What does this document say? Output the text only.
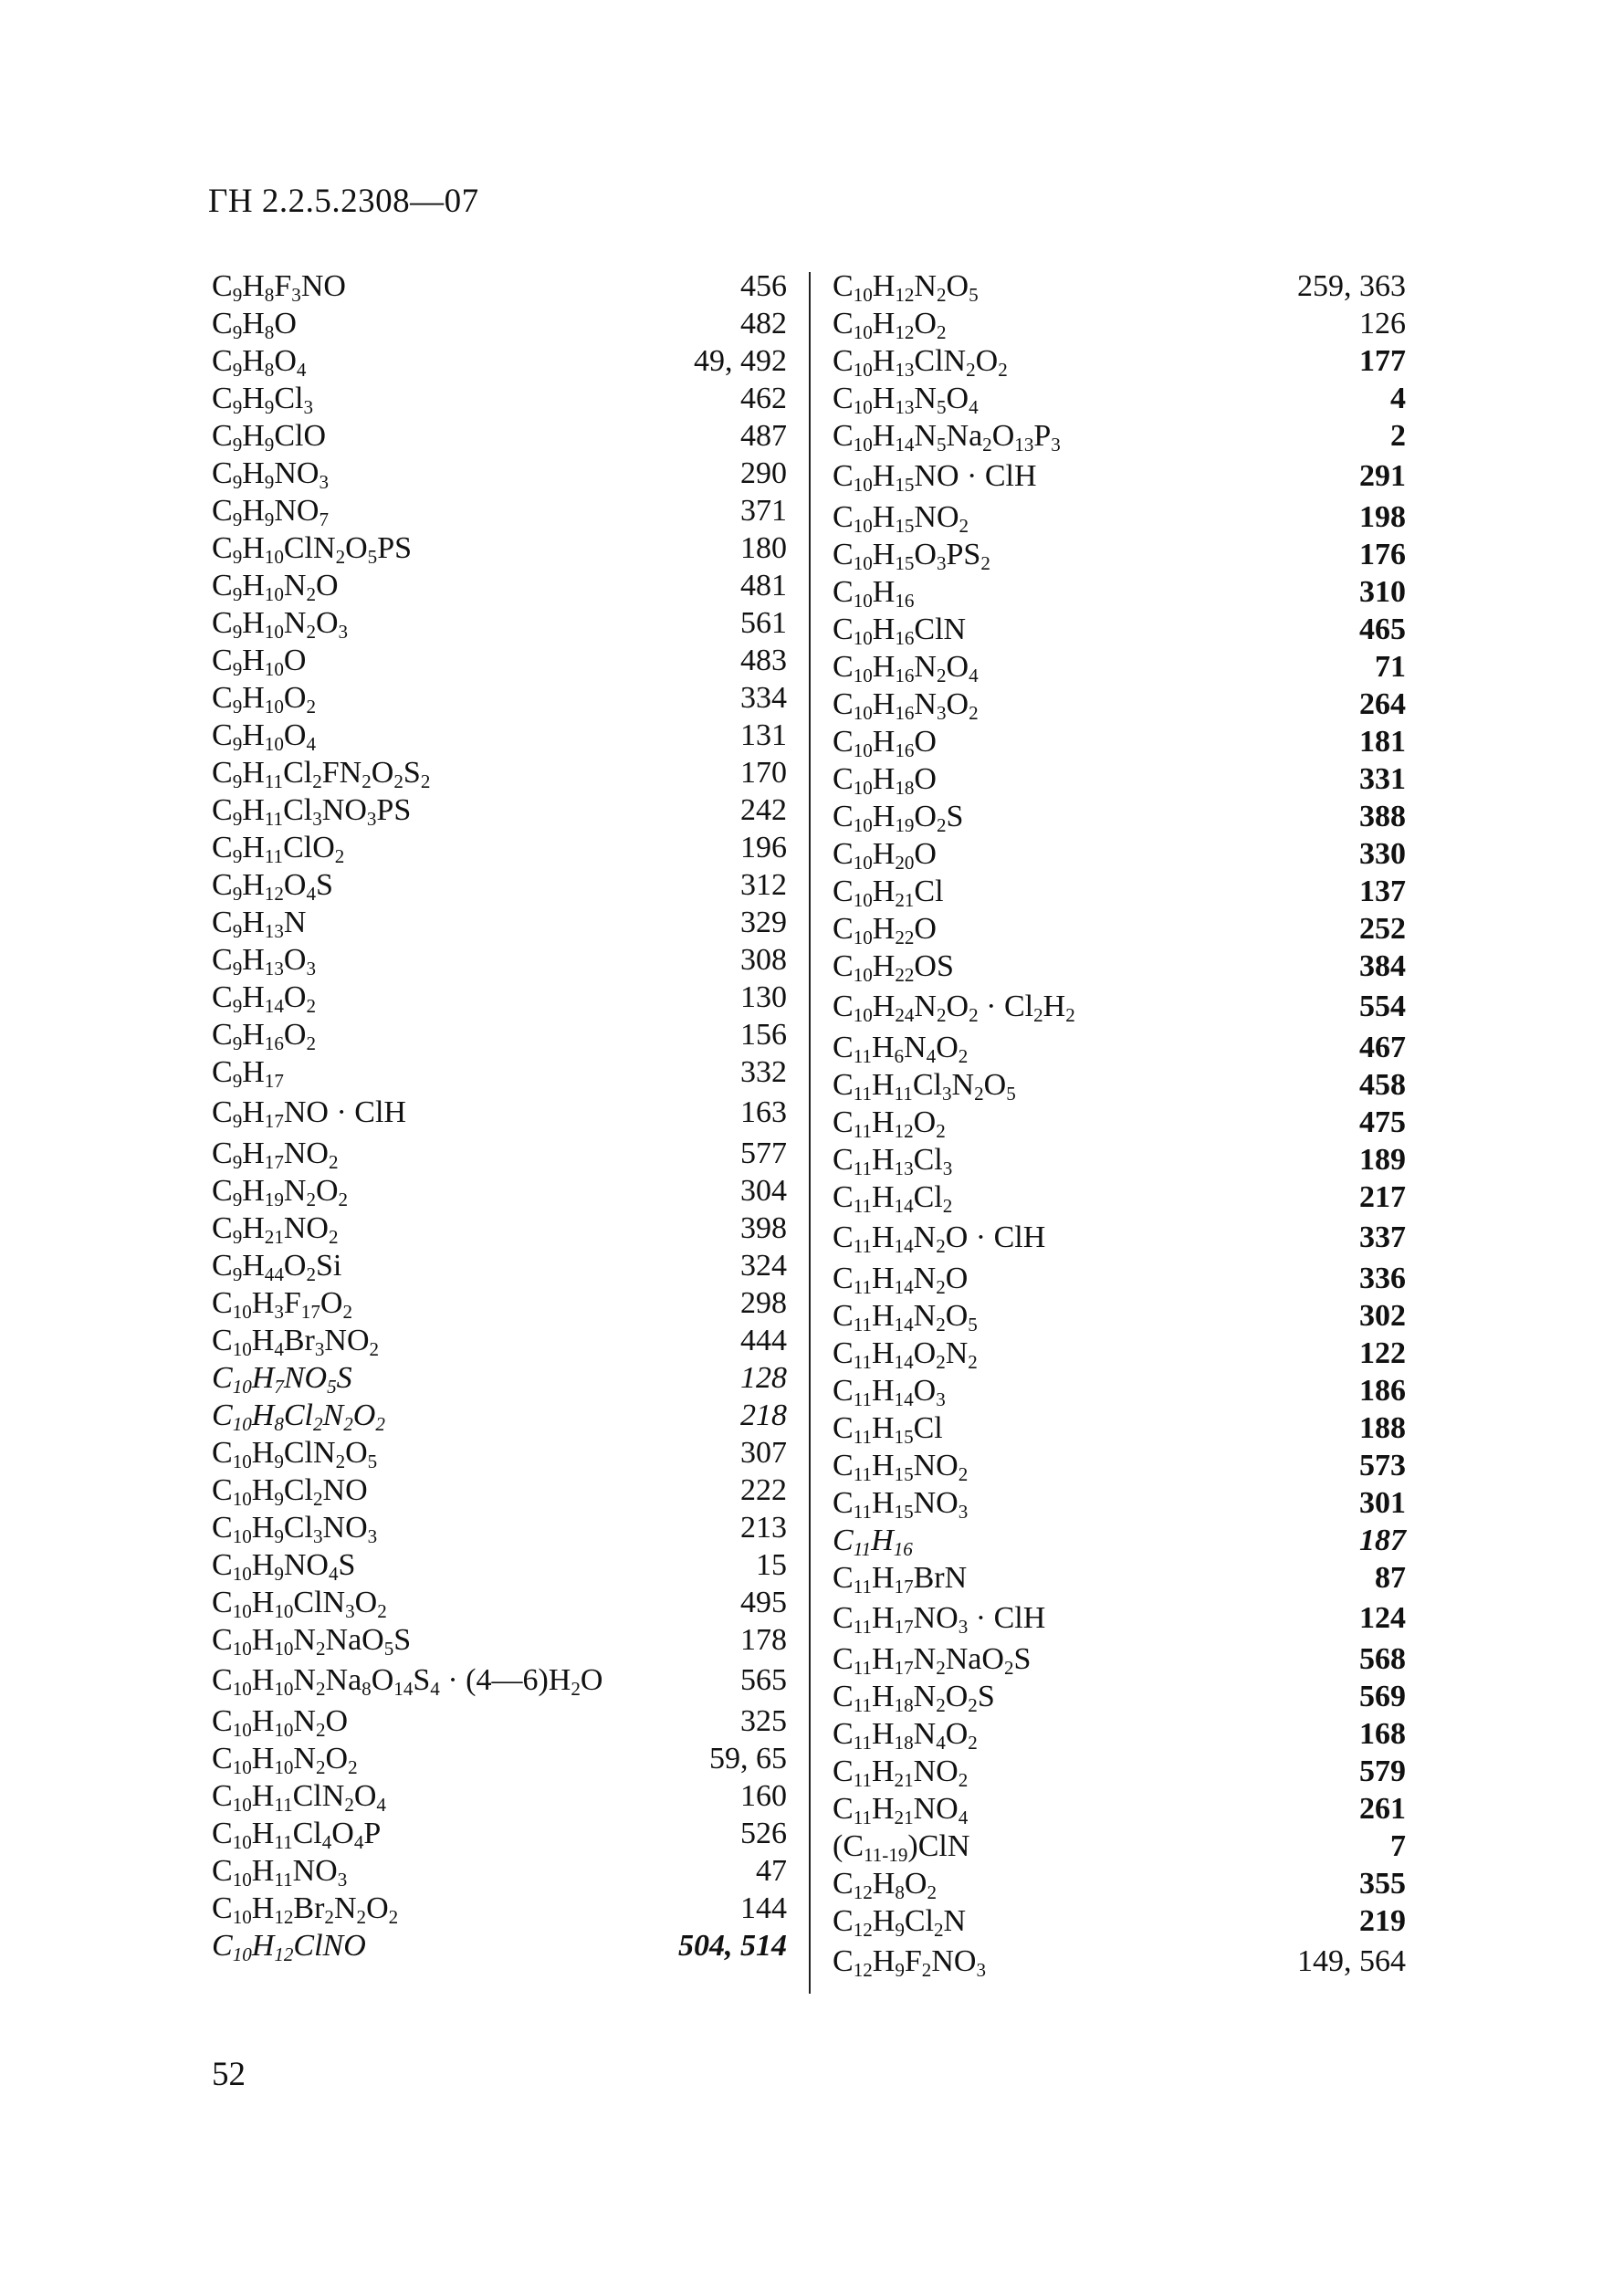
ГН 2.2.5.2308—07
$C_9H_8F_3NO$	456
$C_9H_8O$	482
$C_9H_8O_4$	49, 492
$C_9H_9Cl_3$	462
$C_9H_9ClO$	487
$C_9H_9NO_3$	290
$C_9H_9NO_7$	371
$C_9H_{10}ClN_2O_5PS$	180
$C_9H_{10}N_2O$	481
$C_9H_{10}N_2O_3$	561
$C_9H_{10}O$	483
$C_9H_{10}O_2$	334
$C_9H_{10}O_4$	131
$C_9H_{11}Cl_2FN_2O_2S_2$	170
$C_9H_{11}Cl_3NO_3PS$	242
$C_9H_{11}ClO_2$	196
$C_9H_{12}O_4S$	312
$C_9H_{13}N$	329
$C_9H_{13}O_3$	308
$C_9H_{14}O_2$	130
$C_9H_{16}O_2$	156
$C_9H_{17}$	332
$C_9H_{17}NO$ · ClH	163
$C_9H_{17}NO_2$	577
$C_9H_{19}N_2O_2$	304
$C_9H_{21}NO_2$	398
$C_9H_{44}O_2Si$	324
$C_{10}H_3F_{17}O_2$	298
$C_{10}H_4Br_3NO_2$	444
$C_{10}H_7NO_5S$	128
$C_{10}H_8Cl_2N_2O_2$	218
$C_{10}H_9ClN_2O_5$	307
$C_{10}H_9Cl_2NO$	222
$C_{10}H_9Cl_3NO_3$	213
$C_{10}H_9NO_4S$	15
$C_{10}H_{10}ClN_3O_2$	495
$C_{10}H_{10}N_2NaO_5S$	178
$C_{10}H_{10}N_2Na_8O_{14}S_4$ · $(4—6)H_2O$	565
$C_{10}H_{10}N_2O$	325
$C_{10}H_{10}N_2O_2$	59, 65
$C_{10}H_{11}ClN_2O_4$	160
$C_{10}H_{11}Cl_4O_4P$	526
$C_{10}H_{11}NO_3$	47
$C_{10}H_{12}Br_2N_2O_2$	144
$C_{10}H_{12}ClNO$	504, 514
$C_{10}H_{12}N_2O_5$	259, 363
$C_{10}H_{12}O_2$	126
$C_{10}H_{13}ClN_2O_2$	177
$C_{10}H_{13}N_5O_4$	4
$C_{10}H_{14}N_5Na_2O_{13}P_3$	2
$C_{10}H_{15}NO$ · ClH	291
$C_{10}H_{15}NO_2$	198
$C_{10}H_{15}O_3PS_2$	176
$C_{10}H_{16}$	310
$C_{10}H_{16}ClN$	465
$C_{10}H_{16}N_2O_4$	71
$C_{10}H_{16}N_3O_2$	264
$C_{10}H_{16}O$	181
$C_{10}H_{18}O$	331
$C_{10}H_{19}O_2S$	388
$C_{10}H_{20}O$	330
$C_{10}H_{21}Cl$	137
$C_{10}H_{22}O$	252
$C_{10}H_{22}OS$	384
$C_{10}H_{24}N_2O_2 \cdot Cl_2H_2$	554
$C_{11}H_6N_4O_2$	467
$C_{11}H_{11}Cl_3N_2O_5$	458
$C_{11}H_{12}O_2$	475
$C_{11}H_{13}Cl_3$	189
$C_{11}H_{14}Cl_2$	217
$C_{11}H_{14}N_2O$ · ClH	337
$C_{11}H_{14}N_2O$	336
$C_{11}H_{14}N_2O_5$	302
$C_{11}H_{14}O_2N_2$	122
$C_{11}H_{14}O_3$	186
$C_{11}H_{15}Cl$	188
$C_{11}H_{15}NO_2$	573
$C_{11}H_{15}NO_3$	301
$C_{11}H_{16}$	187
$C_{11}H_{17}BrN$	87
$C_{11}H_{17}NO_3$ · ClH	124
$C_{11}H_{17}N_2NaO_2S$	568
$C_{11}H_{18}N_2O_2S$	569
$C_{11}H_{18}N_4O_2$	168
$C_{11}H_{21}NO_2$	579
$C_{11}H_{21}NO_4$	261
$(C_{11-19})ClN$	7
$C_{12}H_8O_2$	355
$C_{12}H_9Cl_2N$	219
$C_{12}H_9F_2NO_3$	149, 564
52
